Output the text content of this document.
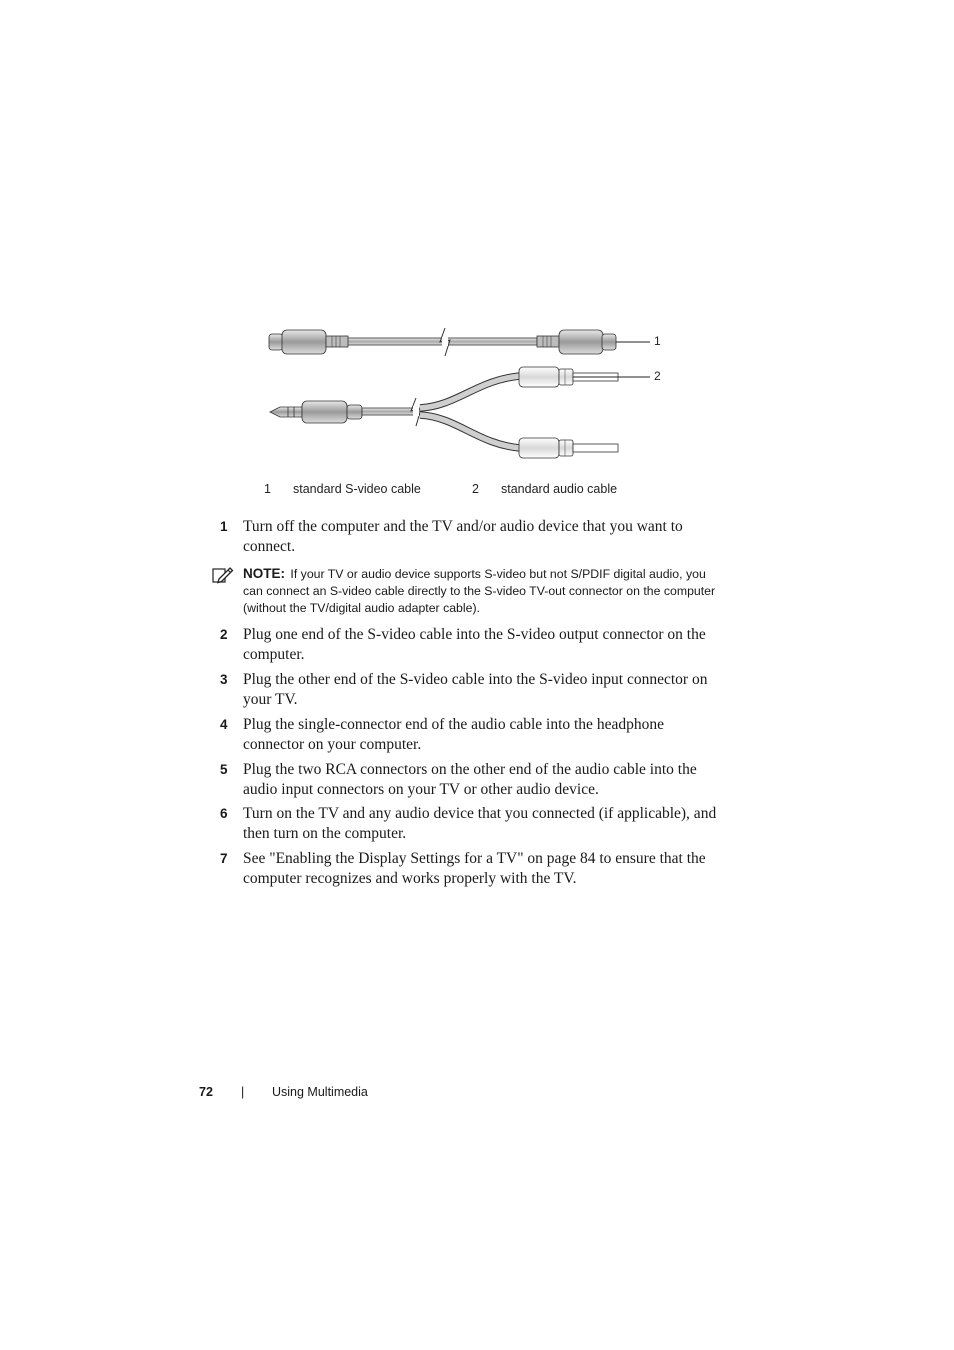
1
2
1 standard S-video cable	2 standard audio cable
1 Turn off the computer and the TV and/or audio device that you want to connect.
NOTE: If your TV or audio device supports S-video but not S/PDIF digital audio, you can connect an S-video cable directly to the S-video TV-out connector on the computer (without the TV/digital audio adapter cable).
2 Plug one end of the S-video cable into the S-video output connector on the computer.
3 Plug the other end of the S-video cable into the S-video input connector on your TV.
4 Plug the single-connector end of the audio cable into the headphone connector on your computer.
5 Plug the two RCA connectors on the other end of the audio cable into the audio input connectors on your TV or other audio device.
6 Turn on the TV and any audio device that you connected (if applicable), and then turn on the computer.
7 See "Enabling the Display Settings for a TV" on page 84 to ensure that the computer recognizes and works properly with the TV.
72 | Using Multimedia
